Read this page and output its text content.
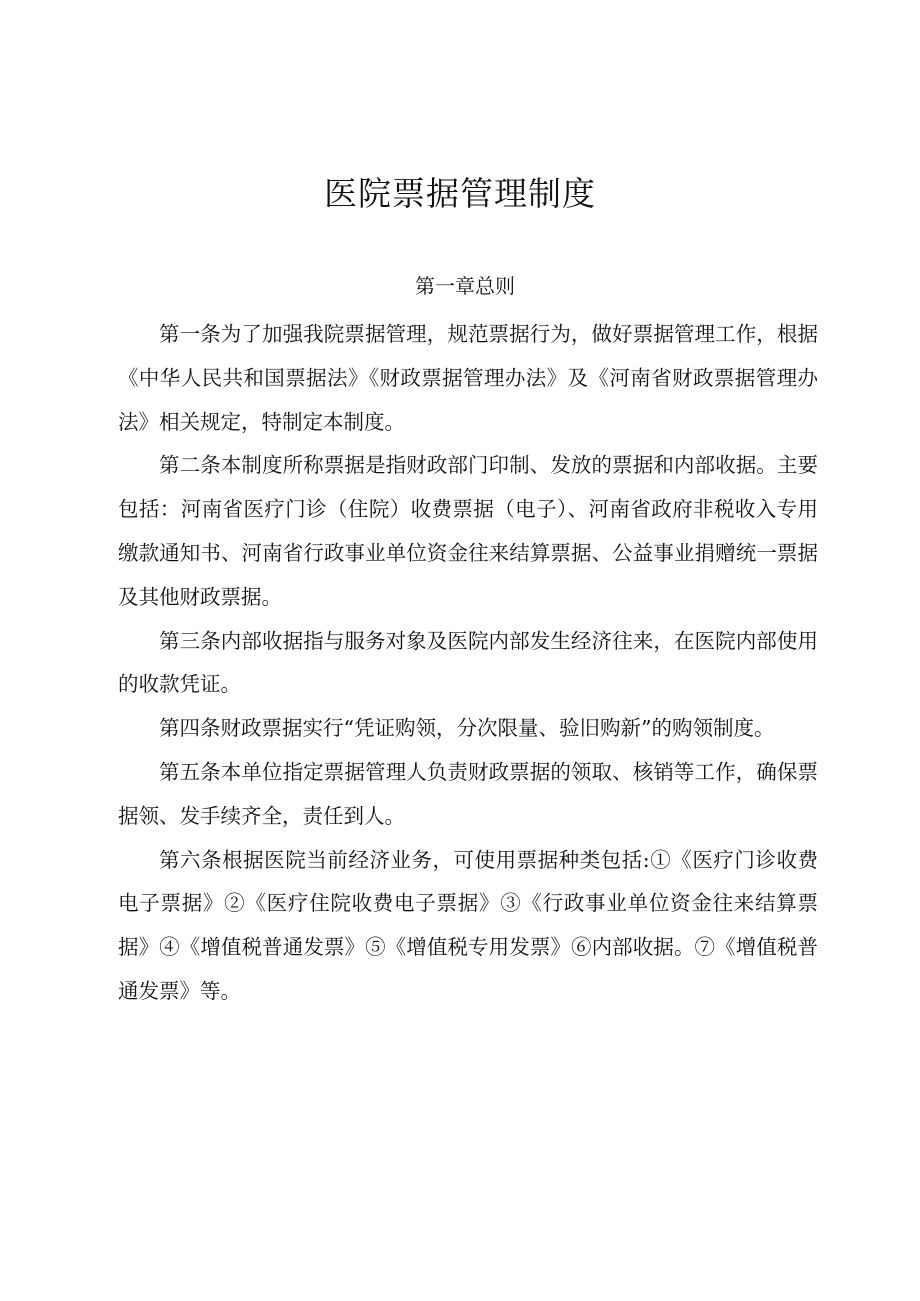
医院票据管理制度
第一章总则

第一条为了加强我院票据管理，规范票据行为，做好票据管理工作，根据《中华人民共和国票据法》《财政票据管理办法》及《河南省财政票据管理办法》相关规定，特制定本制度。

第二条本制度所称票据是指财政部门印制、发放的票据和内部收据。主要包括：河南省医疗门诊（住院）收费票据（电子）、河南省政府非税收入专用缴款通知书、河南省行政事业单位资金往来结算票据、公益事业捐赠统一票据及其他财政票据。

第三条内部收据指与服务对象及医院内部发生经济往来，在医院内部使用的收款凭证。

第四条财政票据实行“凭证购领，分次限量、验旧购新”的购领制度。

第五条本单位指定票据管理人负责财政票据的领取、核销等工作，确保票据领、发手续齐全，责任到人。

第六条根据医院当前经济业务，可使用票据种类包括:①《医疗门诊收费电子票据》②《医疗住院收费电子票据》③《行政事业单位资金往来结算票据》④《增值税普通发票》⑤《增值税专用发票》⑥内部收据。⑦《增值税普通发票》等。
